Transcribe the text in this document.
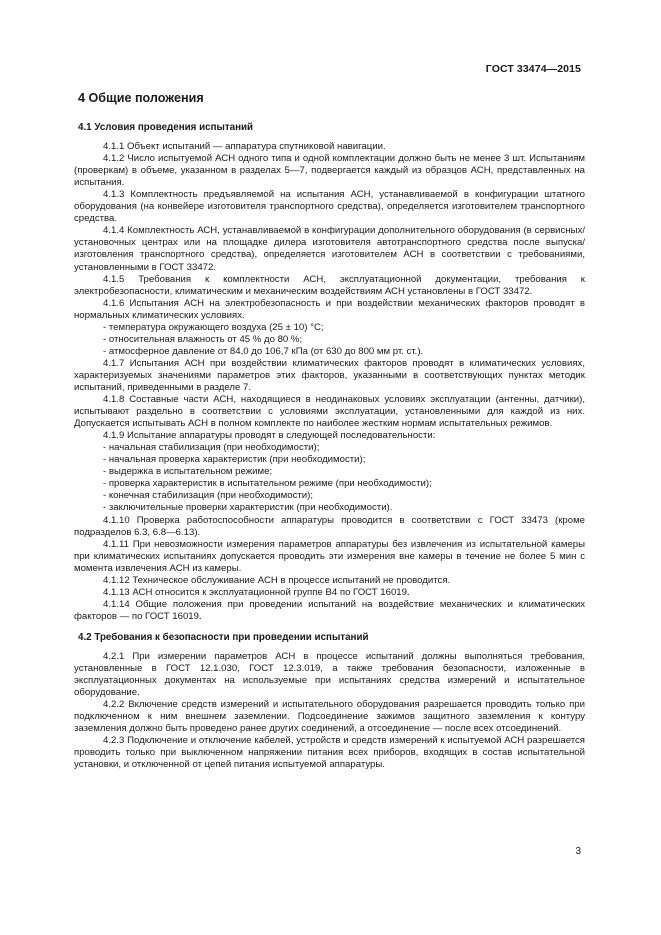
ГОСТ 33474—2015
4 Общие положения
4.1 Условия проведения испытаний

4.1.1 Объект испытаний — аппаратура спутниковой навигации.

4.1.2 Число испытуемой АСН одного типа и одной комплектации должно быть не менее 3 шт. Испытаниям (проверкам) в объеме, указанном в разделах 5—7, подвергается каждый из образцов АСН, представленных на испытания.

4.1.3 Комплектность предъявляемой на испытания АСН, устанавливаемой в конфигурации штатного оборудования (на конвейере изготовителя транспортного средства), определяется изготовителем транспортного средства.

4.1.4 Комплектность АСН, устанавливаемой в конфигурации дополнительного оборудования (в сервисных/установочных центрах или на площадке дилера изготовителя автотранспортного средства после выпуска/изготовления транспортного средства), определяется изготовителем АСН в соответствии с требованиями, установленными в ГОСТ 33472.

4.1.5 Требования к комплектности АСН, эксплуатационной документации, требования к электробезопасности, климатическим и механическим воздействиям АСН установлены в ГОСТ 33472.

4.1.6 Испытания АСН на электробезопасность и при воздействии механических факторов проводят в нормальных климатических условиях.

- температура окружающего воздуха (25 ± 10) °С;

- относительная влажность от 45 % до 80 %;

- атмосферное давление от 84,0 до 106,7 кПа (от 630 до 800 мм рт. ст.).

4.1.7 Испытания АСН при воздействии климатических факторов проводят в климатических условиях, характеризуемых значениями параметров этих факторов, указанными в соответствующих пунктах методик испытаний, приведенными в разделе 7.

4.1.8 Составные части АСН, находящиеся в неодинаковых условиях эксплуатации (антенны, датчики), испытывают раздельно в соответствии с условиями эксплуатации, установленными для каждой из них. Допускается испытывать АСН в полном комплекте по наиболее жестким нормам испытательных режимов.

4.1.9 Испытание аппаратуры проводят в следующей последовательности:

- начальная стабилизация (при необходимости);

- начальная проверка характеристик (при необходимости);

- выдержка в испытательном режиме;

- проверка характеристик в испытательном режиме (при необходимости);

- конечная стабилизация (при необходимости);

- заключительные проверки характеристик (при необходимости).

4.1.10 Проверка работоспособности аппаратуры проводится в соответствии с ГОСТ 33473 (кроме подразделов 6.3, 6.8—6.13).

4.1.11 При невозможности измерения параметров аппаратуры без извлечения из испытательной камеры при климатических испытаниях допускается проводить эти измерения вне камеры в течение не более 5 мин с момента извлечения АСН из камеры.

4.1.12 Техническое обслуживание АСН в процессе испытаний не проводится.

4.1.13 АСН относится к эксплуатационной группе В4 по ГОСТ 16019.

4.1.14 Общие положения при проведении испытаний на воздействие механических и климатических факторов — по ГОСТ 16019.

4.2 Требования к безопасности при проведении испытаний

4.2.1 При измерении параметров АСН в процессе испытаний должны выполняться требования, установленные в ГОСТ 12.1.030, ГОСТ 12.3.019, а также требования безопасности, изложенные в эксплуатационных документах на используемые при испытаниях средства измерений и испытательное оборудование.

4.2.2 Включение средств измерений и испытательного оборудования разрешается проводить только при подключенном к ним внешнем заземлении. Подсоединение зажимов защитного заземления к контуру заземления должно быть проведено ранее других соединений, а отсоединение — после всех отсоединений.

4.2.3 Подключение и отключение кабелей, устройств и средств измерений к испытуемой АСН разрешается проводить только при выключенном напряжении питания всех приборов, входящих в состав испытательной установки, и отключенной от цепей питания испытуемой аппаратуры.

3
